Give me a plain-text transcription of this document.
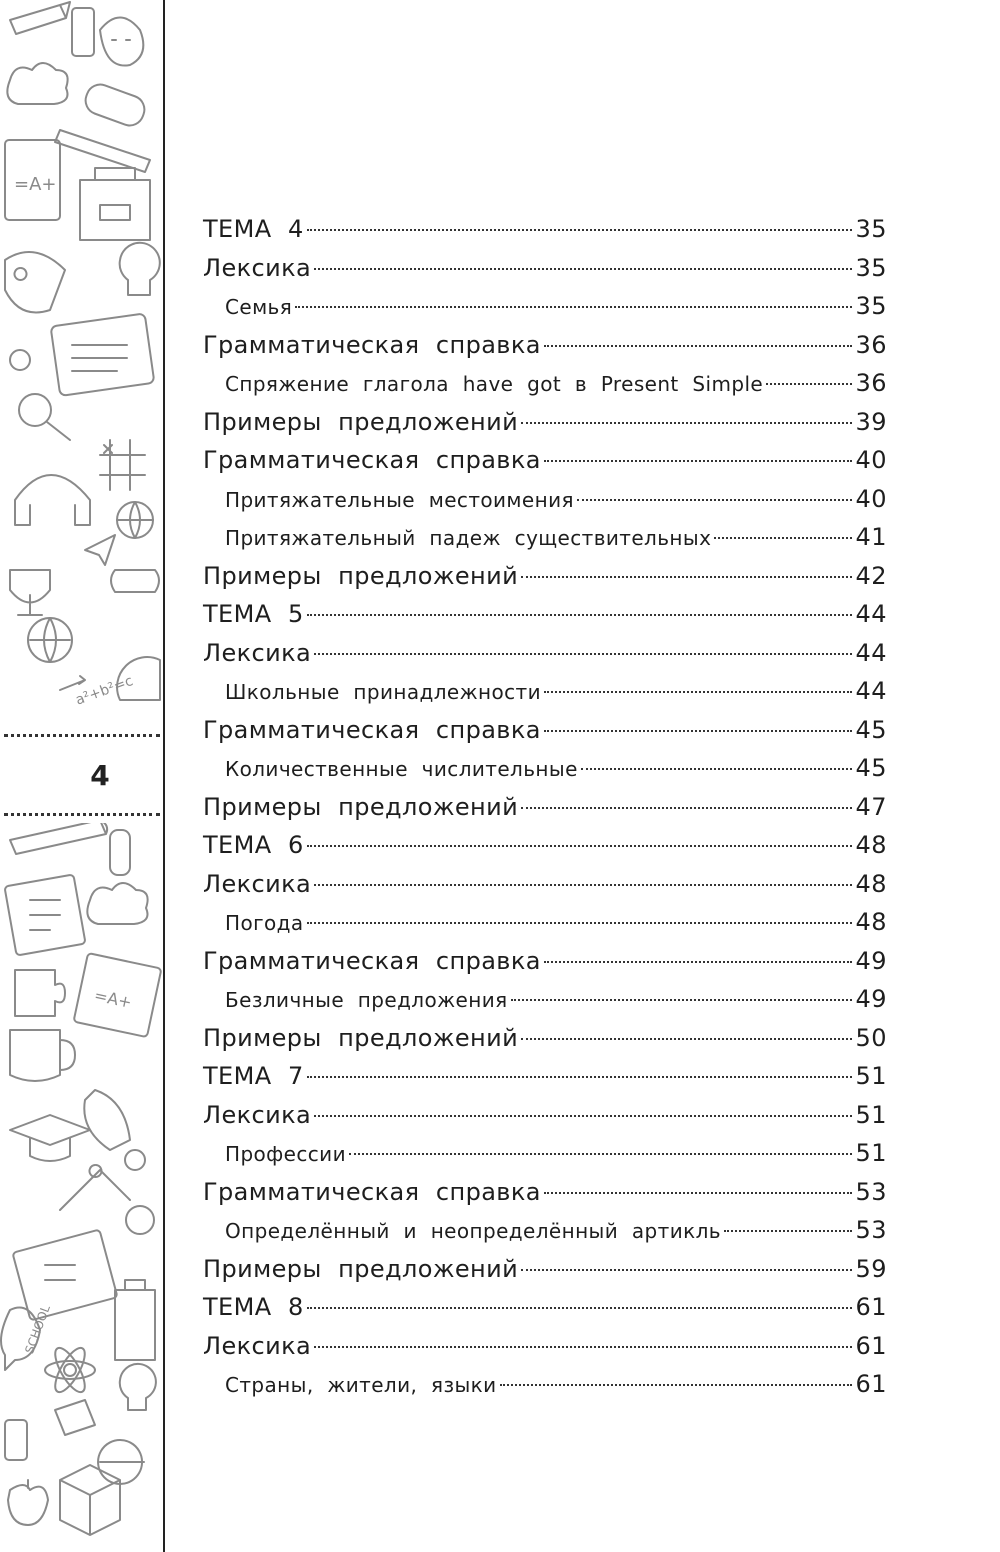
=A+
a²+b²=c
=A+
SCHOOL
4
ТЕМА 4	35
Лексика	35
Семья	35
Грамматическая справка	36
Спряжение глагола have got в Present Simple	36
Примеры предложений	39
Грамматическая справка	40
Притяжательные местоимения	40
Притяжательный падеж существительных	41
Примеры предложений	42
ТЕМА 5	44
Лексика	44
Школьные принадлежности	44
Грамматическая справка	45
Количественные числительные	45
Примеры предложений	47
ТЕМА 6	48
Лексика	48
Погода	48
Грамматическая справка	49
Безличные предложения	49
Примеры предложений	50
ТЕМА 7	51
Лексика	51
Профессии	51
Грамматическая справка	53
Определённый и неопределённый артикль	53
Примеры предложений	59
ТЕМА 8	61
Лексика	61
Страны, жители, языки	61
